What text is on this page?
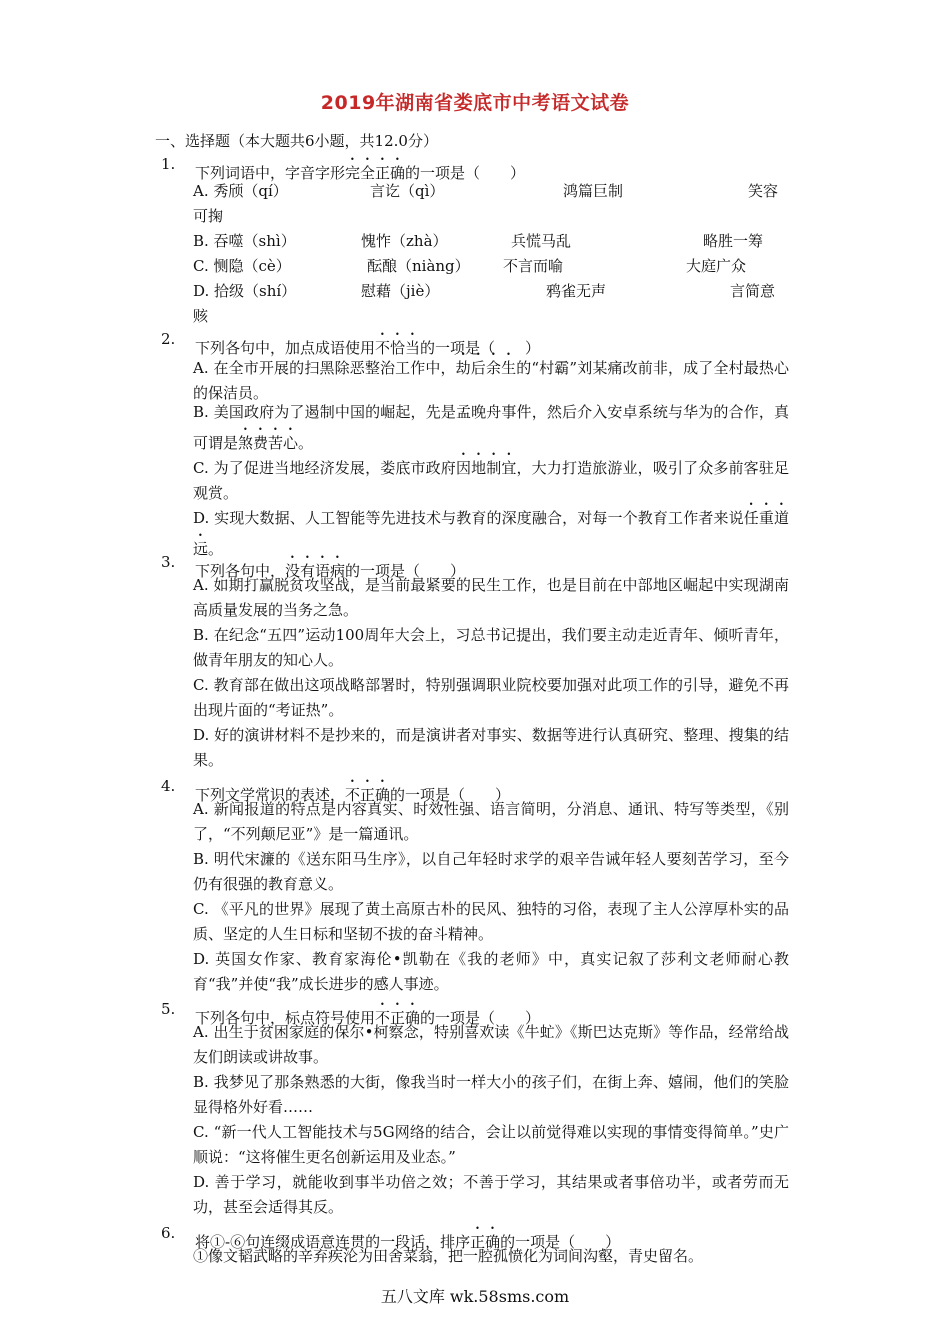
2019年湖南省娄底市中考语文试卷
一、选择题（本大题共6小题，共12.0分）
1. 下列词语中，字音字形完全正确的一项是（　　）
A. 秀颀（qí）	言讫（qì）	鸿篇巨制	笑容
可掬
B. 吞噬（shì）	愧怍（zhà）	兵慌马乱	略胜一筹
C. 恻隐（cè）	酝酿（niàng） 不言而喻	大庭广众
D. 拾级（shí）	慰藉（jiè）	鸦雀无声	言简意
赅
2. 下列各句中，加点成语使用不恰当的一项是（　　）
A. 在全市开展的扫黑除恶整治工作中，劫后余生的“村霸”刘某痛改前非，成了全村最热心的保洁员。
B. 美国政府为了遏制中国的崛起，先是孟晚舟事件，然后介入安卓系统与华为的合作，真可谓是煞费苦心。
C. 为了促进当地经济发展，娄底市政府因地制宜，大力打造旅游业，吸引了众多前客驻足观赏。
D. 实现大数据、人工智能等先进技术与教育的深度融合，对每一个教育工作者来说任重道远。
3. 下列各句中，没有语病的一项是（　　）
A. 如期打赢脱贫攻坚战，是当前最紧要的民生工作，也是目前在中部地区崛起中实现湖南高质量发展的当务之急。
B. 在纪念“五四”运动100周年大会上，习总书记提出，我们要主动走近青年、倾听青年，做青年朋友的知心人。
C. 教育部在做出这项战略部署时，特别强调职业院校要加强对此项工作的引导，避免不再出现片面的“考证热”。
D. 好的演讲材料不是抄来的，而是演讲者对事实、数据等进行认真研究、整理、搜集的结果。
4. 下列文学常识的表述，不正确的一项是（　　）
A. 新闻报道的特点是内容真实、时效性强、语言简明，分消息、通讯、特写等类型，《别了，“不列颠尼亚”》是一篇通讯。
B. 明代宋濂的《送东阳马生序》，以自己年轻时求学的艰辛告诫年轻人要刻苦学习，至今仍有很强的教育意义。
C. 《平凡的世界》展现了黄土高原古朴的民风、独特的习俗，表现了主人公淳厚朴实的品质、坚定的人生日标和坚韧不拔的奋斗精神。
D. 英国女作家、教育家海伦•凯勒在《我的老师》中，真实记叙了莎利文老师耐心教育“我”并使“我”成长进步的感人事迹。
5. 下列各句中，标点符号使用不正确的一项是（　　）
A. 出生于贫困家庭的保尔•柯察念，特别喜欢读《牛虻》《斯巴达克斯》等作品，经常给战友们朗读或讲故事。
B. 我梦见了那条熟悉的大街，像我当时一样大小的孩子们，在街上奔、嬉闹，他们的笑脸显得格外好看……
C. “新一代人工智能技术与5G网络的结合，会让以前觉得难以实现的事情变得简单。”史广顺说：“这将催生更名创新运用及业态。”
D. 善于学习，就能收到事半功倍之效；不善于学习，其结果或者事倍功半，或者劳而无功，甚至会适得其反。
6. 将①-⑥句连缀成语意连贯的一段话，排序正确的一项是（　　）
①像文韬武略的辛弃疾沦为田舍菜翁，把一腔孤愤化为词间沟壑，青史留名。
五八文库 wk.58sms.com
